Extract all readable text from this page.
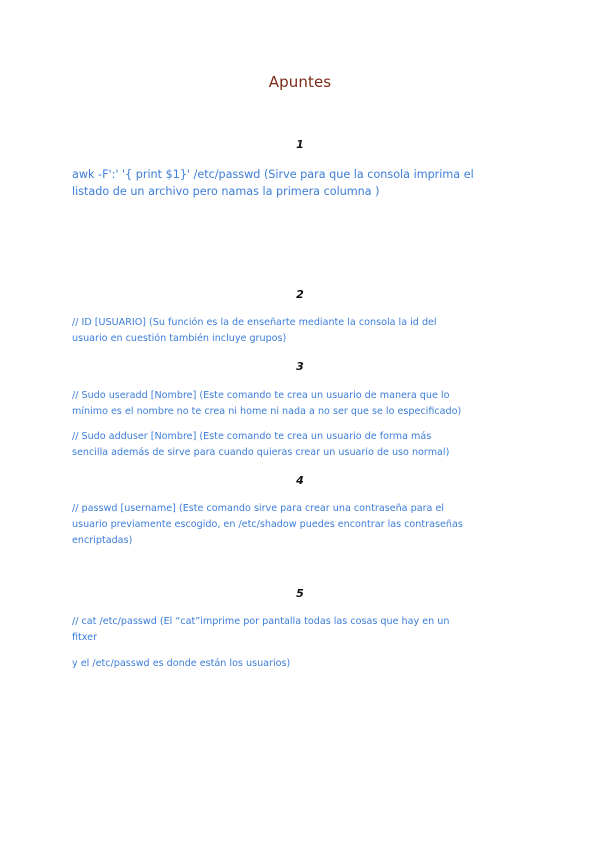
Apuntes
1
awk -F':' '{ print $1}' /etc/passwd (Sirve para que la consola imprima el
listado de un archivo pero namas la primera columna )
2
// ID [USUARIO] (Su función es la de enseñarte mediante la consola la id del
usuario en cuestión también incluye grupos)
3
// Sudo useradd [Nombre] (Este comando te crea un usuario de manera que lo
mínimo es el nombre no te crea ni home ni nada a no ser que se lo especificado)
// Sudo adduser [Nombre] (Este comando te crea un usuario de forma más
sencilla además de sirve para cuando quieras crear un usuario de uso normal)
4
// passwd [username] (Este comando sirve para crear una contraseña para el
usuario previamente escogido, en /etc/shadow puedes encontrar las contraseñas
encriptadas)
5
// cat /etc/passwd (El “cat”imprime por pantalla todas las cosas que hay en un
fitxer
y el /etc/passwd es donde están los usuarios)
